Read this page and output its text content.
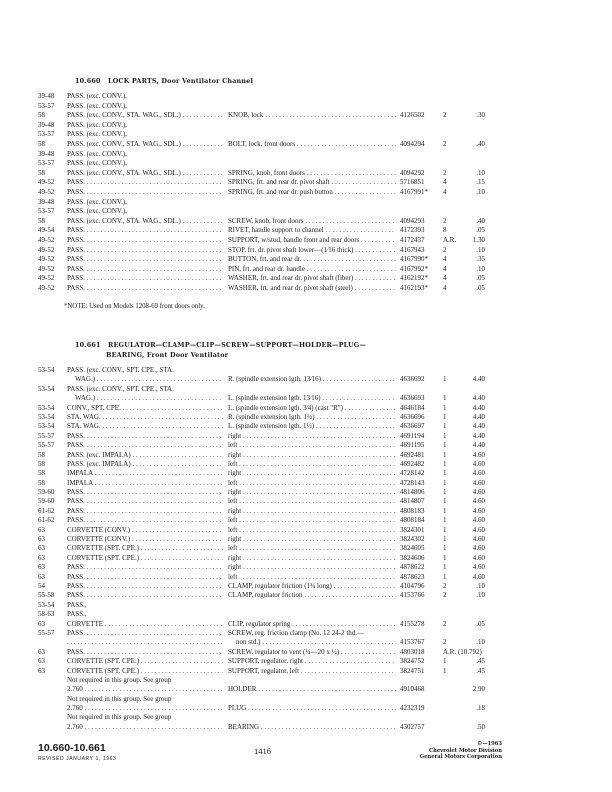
10.660 LOCK PARTS, Door Ventilator Channel
39-48	PASS. (exc. CONV.),
53-57	PASS. (exc. CONV.),
58	PASS. (exc. CONV., STA. WAG., SDL.) . . .	KNOB, lock . . .	4126502	2	.30
39-48	PASS. (exc. CONV.),
53-57	PASS. (exc. CONV.),
58	PASS. (exc. CONV., STA. WAG., SDL.) . . .	BOLT, lock, front doors . . .	4094294	2	.40
39-48	PASS. (exc. CONV.),
53-57	PASS. (exc. CONV.),
58	PASS. (exc. CONV., STA. WAG., SDL.) . . .	SPRING, knob, front doors . . .	4094292	2	.10
49-52	PASS. . . .	SPRING, frt. and rear dr. pivot shaft . . .	5716851	4	.15
49-52	PASS. . . .	SPRING, frt. and rear dr. push button . . .	4167991*	4	.10
39-48	PASS. (exc. CONV.),
53-57	PASS. (exc. CONV.),
58	PASS. (exc. CONV., STA. WAG., SDL.) . . .	SCREW, knob, front doors . . .	4094293	2	.40
49-54	PASS. . . .	RIVET, handle support to channel . . .	4172393	8	.05
49-52	PASS. . . .	SUPPORT, w/stud, handle front and rear doors . . .	4172437	A.R.	1.30
49-52	PASS. . . .	STOP, frt. dr. pivot shaft lower—(1⁄16 thick) . . .	4167943	2	.10
49-52	PASS. . . .	BUTTON, frt. and rear dr. . . .	4167990*	4	.35
49-52	PASS. . . .	PIN, frt. and rear dr. handle . . .	4167992*	4	.10
49-52	PASS. . . .	WASHER, frt. and rear dr. pivot shaft (fiber) . . .	4162192*	4	.05
49-52	PASS. . . .	WASHER, frt. and rear dr. pivot shaft (steel) . . .	4162193*	4	.05
*NOTE: Used on Models 1208-69 front doors only.
10.661 REGULATOR—CLAMP—CLIP—SCREW—SUPPORT—HOLDER—PLUG—
BEARING, Front Door Ventilator
53-54	PASS. (exc. CONV., SPT. CPE., STA.
WAG.) . . .	R. (spindle extension lgth. 13⁄16) . . .	4636692	1	4.40
53-54	PASS. (exc. CONV., SPT. CPE., STA.
WAG.) . . .	L. (spindle extension lgth. 13⁄16) . . .	4636693	1	4.40
53-54	CONV., SPT. CPE. . . .	L. (spindle extension lgth. 3⁄4) (cast "R") . . .	4646184	1	4.40
53-54	STA. WAG. . . .	R. (spindle extension lgth. 1½) . . .	4636696	1	4.40
53-54	STA. WAG. . . .	L. (spindle extension lgth. 1½) . . .	4636697	1	4.40
55-57	PASS. . . .	right . . .	4691194	1	4.40
55-57	PASS. . . .	left . . .	4691195	1	4.40
58	PASS. (exc. IMPALA) . . .	right . . .	4692481	1	4.60
58	PASS. (exc. IMPALA) . . .	left . . .	4692482	1	4.60
58	IMPALA . . .	right . . .	4728142	1	4.60
58	IMPALA . . .	left . . .	4728143	1	4.60
59-60	PASS. . . .	right . . .	4814806	1	4.60
59-60	PASS. . . .	left . . .	4814807	1	4.60
61-62	PASS. . . .	right . . .	4808183	1	4.60
61-62	PASS. . . .	left . . .	4808184	1	4.60
63	CORVETTE (CONV.) . . .	left . . .	3824301	1	4.60
63	CORVETTE (CONV.) . . .	right . . .	3824302	1	4.60
63	CORVETTE (SPT. CPE.) . . .	left . . .	3824605	1	4.60
63	CORVETTE (SPT. CPE.) . . .	right . . .	3824606	1	4.60
63	PASS. . . .	right . . .	4878622	1	4.60
63	PASS. . . .	left . . .	4878623	1	4.60
54	PASS. . . .	CLAMP, regulator friction (1¾ long) . . .	4104796	2	.10
55-58	PASS. . . .	CLAMP, regulator friction . . .	4153766	2	.10
53-54	PASS.,
58-63	PASS.,
63	CORVETTE . . .	CLIP, regulator spring . . .	4155278	2	.05
55-57	PASS. . . .	SCREW, reg. friction clamp (No. 12 24-2 thd.—
. . .
non std.) . . .	4153767	2	.10
63	PASS. . . .	SCREW, regulator to vent (¼—20 x ½) . . .	4803018	A.R. (10.792)
63	CORVETTE (SPT. CPE.) . . .	SUPPORT, regulator, right . . .	3824752	1	.45
63	CORVETTE (SPT. CPE.) . . .	SUPPORT, regulator, left . . .	3824751	1	.45
Not required in this group. See group
2.760 . . .	HOLDER . . .	4910468	2.90
Not required in this group. See group
2.760 . . .	PLUG . . .	4232319	.18
Not required in this group. See group
2.760 . . .	BEARING . . .	4302757	.50
10.660-10.661
REVISED JANUARY 1, 1963
1416
©—1963
Chevrolet Motor Division
General Motors Corporation
